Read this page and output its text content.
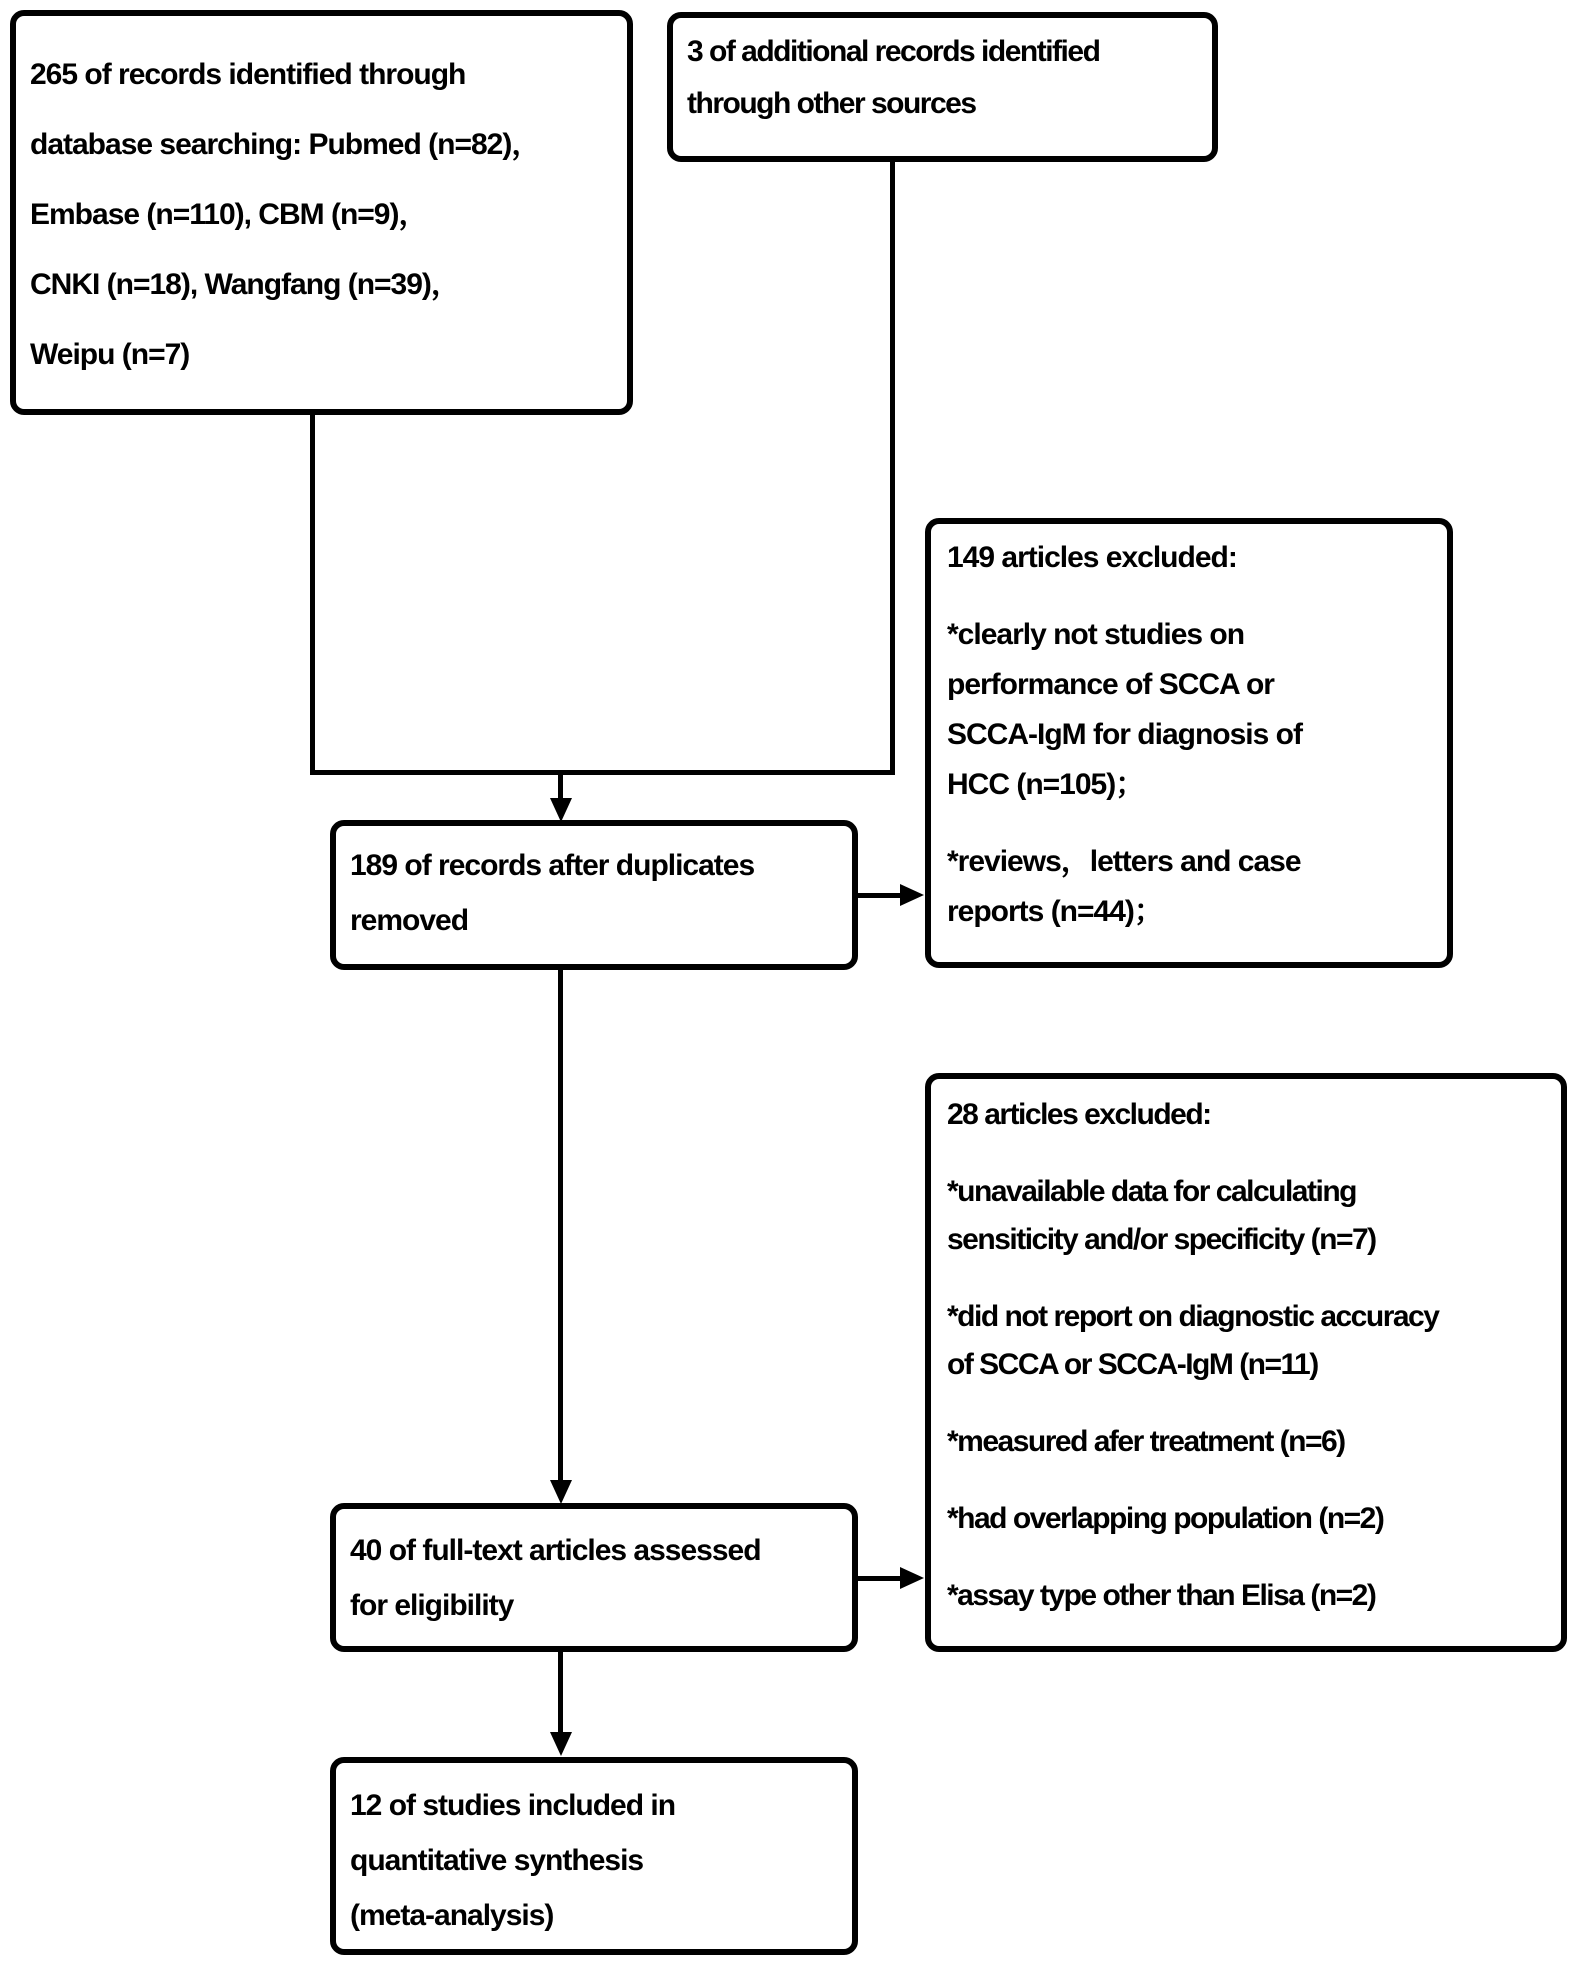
265 of records identified through
database searching: Pubmed (n=82)，
Embase (n=110), CBM (n=9)，
CNKI (n=18), Wangfang (n=39)，
Weipu (n=7)
3 of additional records identified
through other sources
189 of records after duplicates
removed
149 articles excluded:
*clearly not studies on
performance of SCCA or
SCCA-IgM for diagnosis of
HCC (n=105)；
*reviews，letters and case
reports (n=44)；
40 of full-text articles assessed
for eligibility
28 articles excluded:
*unavailable data for calculating
sensiticity and/or specificity (n=7)
*did not report on diagnostic accuracy
of SCCA or SCCA-IgM (n=11)
*measured afer treatment (n=6)
*had overlapping population (n=2)
*assay type other than Elisa (n=2)
12 of studies included in
quantitative synthesis
(meta-analysis)
